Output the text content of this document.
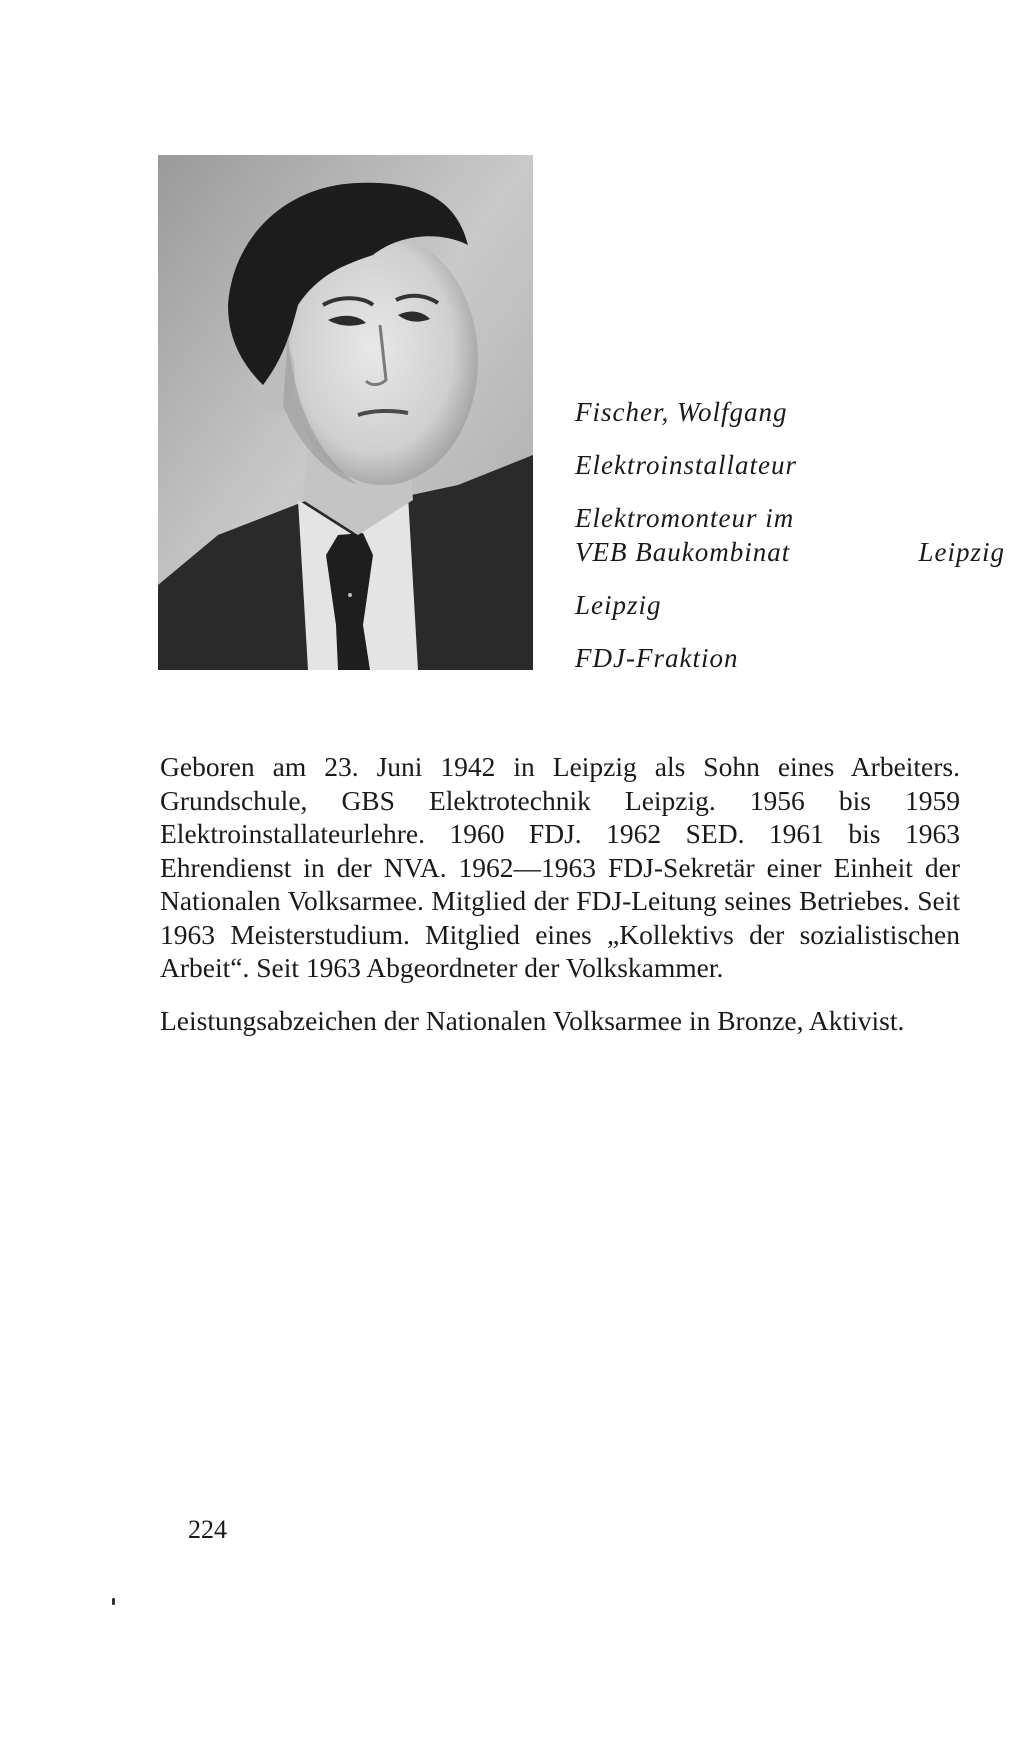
Fischer, Wolfgang
Elektroinstallateur
Elektromonteur im
VEB Baukombinat	Leipzig
Leipzig
FDJ-Fraktion

Geboren am 23. Juni 1942 in Leipzig als Sohn eines Arbeiters. Grundschule, GBS Elektrotechnik Leipzig. 1956 bis 1959 Elektroinstallateurlehre. 1960 FDJ. 1962 SED. 1961 bis 1963 Ehrendienst in der NVA. 1962—1963 FDJ-Sekretär einer Einheit der Nationalen Volksarmee. Mitglied der FDJ-Leitung seines Betriebes. Seit 1963 Meisterstudium. Mitglied eines „Kollektivs der sozialistischen Arbeit“. Seit 1963 Abgeordneter der Volkskammer.

Leistungsabzeichen der Nationalen Volksarmee in Bronze, Aktivist.

224
